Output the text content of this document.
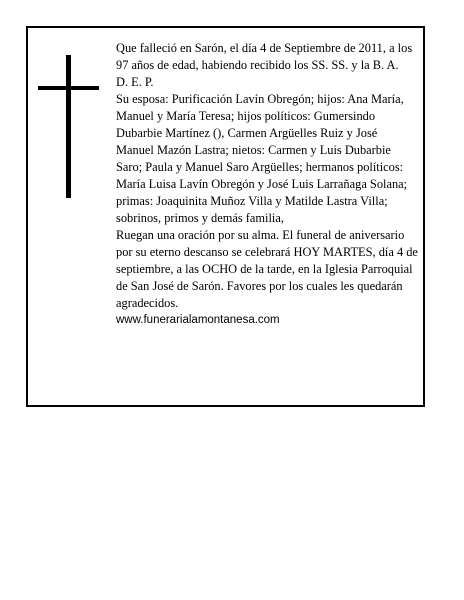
Que falleció en Sarón, el día 4 de Septiembre de 2011, a los 97 años de edad, habiendo recibido los SS. SS. y la B. A.

D. E. P.

Su esposa: Purificación Lavín Obregón; hijos: Ana María, Manuel y María Teresa; hijos políticos: Gumersindo Dubarbie Martínez (), Carmen Argüelles Ruiz y José Manuel Mazón Lastra; nietos: Carmen y Luis Dubarbie Saro; Paula y Manuel Saro Argüelles; hermanos políticos: María Luisa Lavín Obregón y José Luis Larrañaga Solana; primas: Joaquinita Muñoz Villa y Matilde Lastra Villa; sobrinos, primos y demás familia,

Ruegan una oración por su alma. El funeral de aniversario por su eterno descanso se celebrará HOY MARTES, día 4 de septiembre, a las OCHO de la tarde, en la Iglesia Parroquial de San José de Sarón. Favores por los cuales les quedarán agradecidos.

www.funerarialamontanesa.com
